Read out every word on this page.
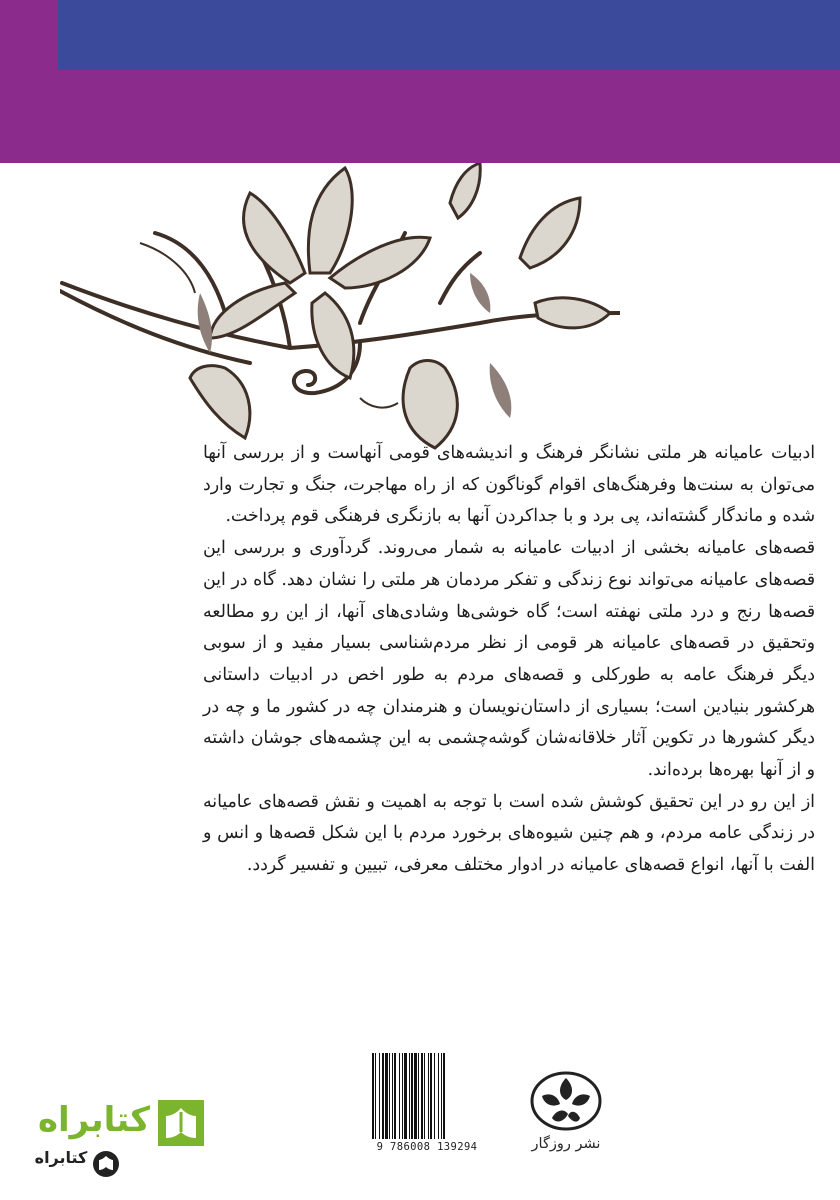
ادبیات عامیانه هر ملتی نشانگر فرهنگ و اندیشه‌های قومی آنهاست و از بررسی آنها می‌توان به سنت‌ها وفرهنگ‌های اقوام گوناگون که از راه مهاجرت، جنگ و تجارت وارد شده و ماندگار گشته‌اند، پی برد و با جداکردن آنها به بازنگری فرهنگی قوم پرداخت.

قصه‌های عامیانه بخشی از ادبیات عامیانه به شمار می‌روند. گردآوری و بررسی این قصه‌های عامیانه می‌تواند نوع زندگی و تفکر مردمان هر ملتی را نشان دهد. گاه در این قصه‌ها رنج و درد ملتی نهفته است؛ گاه خوشی‌ها وشادی‌های آنها، از این رو مطالعه وتحقیق در قصه‌های عامیانه هر قومی از نظر مردم‌شناسی بسیار مفید و از سوبی دیگر فرهنگ عامه به طورکلی و قصه‌های مردم به طور اخص در ادبیات داستانی هرکشور بنیادین است؛ بسیاری از داستان‌نویسان و هنرمندان چه در کشور ما و چه در دیگر کشورها در تکوین آثار خلاقانه‌شان گوشه‌چشمی به این چشمه‌های جوشان داشته و از آنها بهره‌ها برده‌اند.

از این رو در این تحقیق کوشش شده است با توجه به اهمیت و نقش قصه‌های عامیانه در زندگی عامه مردم، و هم چنین شیوه‌های برخورد مردم با این شکل قصه‌ها و انس و الفت با آنها، انواع قصه‌های عامیانه در ادوار مختلف معرفی، تبیین و تفسیر گردد.

9 786008 139294	نشر روزگار
کتابراه
کتابراه
